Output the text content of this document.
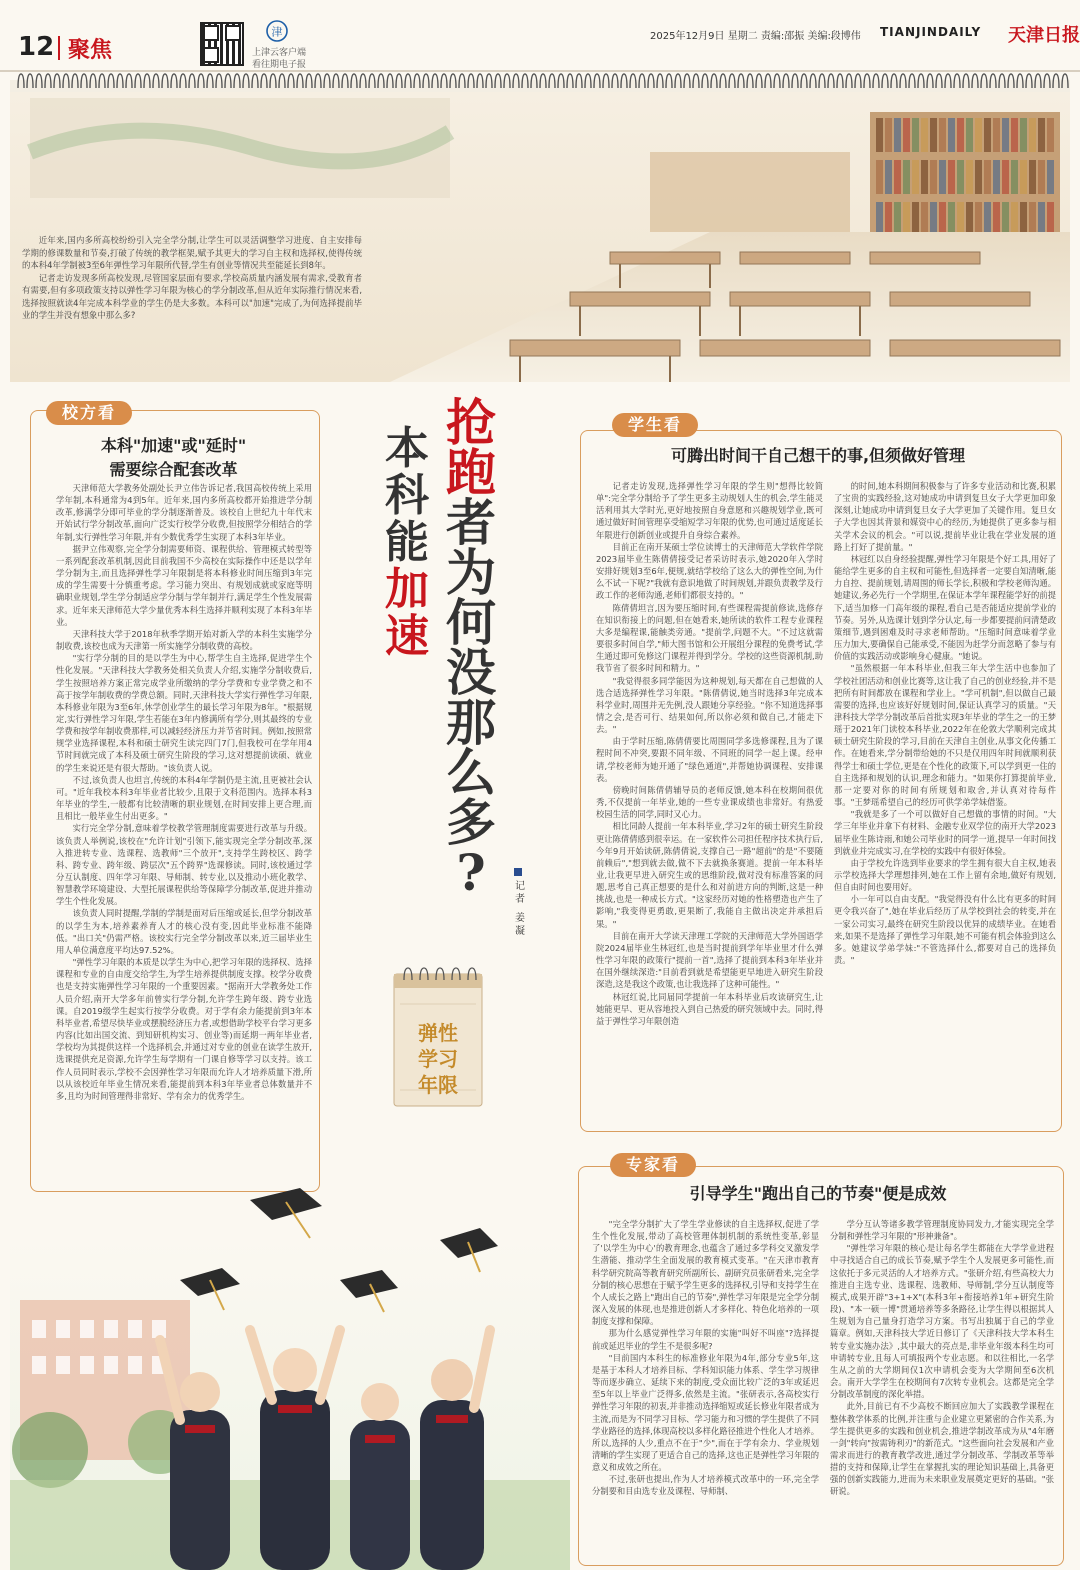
12 聚焦
津
上津云客户端
看往期电子报
2025年12月9日 星期二 责编:邵振 美编:段博伟 TIANJINDAILY 天津日报

近年来,国内多所高校纷纷引入完全学分制,让学生可以灵活调整学习进度、自主安排每学期的修课数量和节奏,打破了传统的教学框架,赋予其更大的学习自主权和选择权,使得传统的本科4年学制被3至6年弹性学习年限所代替,学生有创业等情况共至能延长到8年。

记者走访发现多所高校发现,尽管国家层面有要求,学校高质量内涵发展有需求,受教育者有需要,但有多项政策支持以弹性学习年限为核心的学分制改革,但从近年实际推行情况来看,选择按照就读4年完成本科学业的学生仍是大多数。本科可以"加速"完成了,为何选择提前毕业的学生并没有想象中那么多?

本
科
能
加
速
抢
跑
者
为
何
没
那
么
多
?	记
者
姜
凝
弹性
学习
年限
校方看
本科"加速"或"延时"
需要综合配套改革

天津师范大学教务处副处长尹立伟告诉记者,我国高校传统上采用学年制,本科通常为4到5年。近年来,国内多所高校都开始推进学分制改革,修满学分即可毕业的学分制逐渐普及。该校自上世纪九十年代末开始试行学分制改革,面向广泛实行校学分收费,但按照学分相结合的学年制,实行弹性学习年限,并有少数优秀学生实现了本科3年毕业。

据尹立伟观察,完全学分制需要师资、课程供给、管理模式转型等一系列配套改革机制,因此目前我国不少高校在实际操作中还是以学年学分制为主,而且选择弹性学习年限制是将本科修业时间压缩到3年完成的学生需要十分慎重考虑。学习能力突出、有规划成就或家庭等明确职业规划,学生学分制适应学分制与学年制并行,满足学生个性发展需求。近年来天津师范大学少量优秀本科生选择并顺利实现了本科3年毕业。

天津科技大学于2018年秋季学期开始对新入学的本科生实施学分制收费,该校也成为天津第一所实施学分制收费的高校。

"实行学分制的目的是以学生为中心,帮学生自主选择,促进学生个性化发展。"天津科技大学教务处相关负责人介绍,实施学分制收费后,学生按照培养方案正常完成学业所缴纳的学分学费和专业学费之和不高于按学年制收费的学费总额。同时,天津科技大学实行弹性学习年限,本科修业年限为3至6年,休学创业学生的最长学习年限为8年。"根据规定,实行弹性学习年限,学生若能在3年内修满所有学分,则其最终的专业学费和按学年制收费那样,可以减轻经济压力并节省时间。例如,按照常规学业选择课程,本科和硕士研究生读完四门7门,但我校可在学年用4节时间就完成了本科及硕士研究生阶段的学习,这对想提前读硕、就业的学生来说还是有很大帮助。"该负责人说。

不过,该负责人也坦言,传统的本科4年学制仍是主流,且更被社会认可。"近年我校本科3年毕业者比较少,且限于文科范围内。选择本科3年毕业的学生,一般都有比较清晰的职业规划,在时间安排上更合理,而且相比一般毕业生付出更多。"

实行完全学分制,意味着学校教学管理制度需要进行改革与升级。该负责人举例说,该校在"允许计划"引领下,能实现完全学分制改革,深入推进转专业、选课程、选教师"三个放开",支持学生跨校区、跨学科、跨专业、跨年级、跨层次"五个跨界"选课修读。同时,该校通过学分互认制度、四年学习年限、导师制、转专业,以及推动小班化教学、智慧教学环境建设、大型托展课程供给等保障学分制改革,促进并推动学生个性化发展。

该负责人同时提醒,学制的学制是面对后压缩或延长,但学分制改革的以学生为本,培养素养育人才的核心没有变,因此毕业标准不能降低。"出口关"仍需严格。该校实行完全学分制改革以来,近三届毕业生用人单位满意度平均达97.52%。

"弹性学习年限的本质是以学生为中心,把学习年限的选择权、选择课程和专业的自由度交给学生,为学生培养提供制度支撑。校学分收费也是支持实施弹性学习年限的一个重要因素。"据南开大学教务处工作人员介绍,南开大学多年前曾实行学分制,允许学生跨年级、跨专业选课。自2019级学生起实行按学分收费。对于学有余力能提前到3年本科毕业者,希望尽快毕业或摆脱经济压力者,或想借助学校平台学习更多内容(比如出国交流、到知研机构实习、创业等)而延期一两年毕业者,学校均为其提供这样一个选择机会,并通过对专业的创业在读学生放开,选课提供充足资源,允许学生每学期有一门课自修等学习以支持。该工作人员同时表示,学校不会因弹性学习年限而允许人才培养质量下滑,所以从该校近年毕业生情况来看,能提前到本科3年毕业者总体数量并不多,且均为时间管理得非常好、学有余力的优秀学生。

学生看
可腾出时间干自己想干的事,但须做好管理

记者走访发现,选择弹性学习年限的学生则"想得比较简单":完全学分制给予了学生更多主动规划人生的机会,学生能灵活利用其大学时光,更好地按照自身意愿和兴趣规划学业,既可通过做好时间管理享受缩短学习年限的优势,也可通过适度延长年限进行创新创业或提升自身综合素养。

目前正在南开某硕士学位读博士的天津师范大学软件学院2023届毕业生陈倩倩接受记者采访时表示,她2020年入学时安排好规划3至6年,便规,就结学校给了这么大的弹性空间,为什么不试一下呢?"我就有意识地做了时间规划,并跟负责教学及行政工作的老师沟通,老师们都很支持的。"

陈倩倩坦言,因为要压缩时间,有些课程需提前修读,选修存在知识衔接上的问题,但在她看来,她所读的软件工程专业课程大多是编程课,能触类旁通。"提前学,问题不大。"不过这就需要很多时间自学,"师大图书馆和公开展组分课程的免费考试,学生通过即可免修这门课程并得到学分。学校的这些资源机制,助我节省了很多时间和精力。"

"我觉得很多同学能因为这种规划,每天都在自己想做的人选合适选择弹性学习年限。"陈倩倩说,她当时选择3年完成本科学业时,周围并无先例,没人跟她分享经验。"你不知道选择事情之会,是否可行、结果如何,所以你必须和做自己,才能走下去。"

由于学时压缩,陈倩倩要比周围同学多选修课程,且为了课程时间不冲突,要跟不同年级、不同班的同学一起上课。经申请,学校老师为她开通了"绿色通道",并帮她协调课程、安排课表。

傍晚时间陈倩倩辅导员的老师反馈,她本科在校期间很优秀,不仅提前一年毕业,她的一些专业课成绩也非常好。有热爱校园生活的同学,同时又心力。

相比同龄人提前一年本科毕业,学习2年的硕士研究生阶段更让陈倩倩感到很幸运。在一家软件公司担任程序技术执行后,今年9月开始读研,陈倩倩说,支撑自己一路"超前"的是"不要随前赖后","想到就去做,做不下去就换条赛道。提前一年本科毕业,让我更早进入研究生或的思维阶段,做对没有标准答案的问题,思考自己真正想要的是什么和对前进方向的判断,这是一种挑战,也是一种成长方式。"这家经历对她的性格塑造也产生了影响,"我变得更勇敢,更果断了,我能自主做出决定并承担后果。"

目前在南开大学读天津理工学院的天津师范大学外国语学院2024届毕业生林冠红,也是当时提前到学年毕业里才什么弹性学习年限的政策行"提前一首",选择了提前到本科3年毕业并在国外继续深造:"目前看到就是希望能更早地进入研究生阶段深造,这是我这个政策,也让我选择了这种可能性。"

林冠红说,比同届同学提前一年本科毕业后攻读研究生,让她能更早、更从容地投入到自己热爱的研究领域中去。同时,得益于弹性学习年限创造

的时间,她本科期间积极参与了许多专业活动和比赛,积累了宝贵的实践经验,这对她成功申请到复旦女子大学更加印象深刻,让她成功申请到复旦女子大学更加了关键作用。复旦女子大学也因其背景和媒资中心的经历,为她提供了更多参与相关学术会议的机会。"可以说,提前毕业让我在学业发展的道路上打好了提前量。"

林冠红以自身经验提醒,弹性学习年限是个好工具,用好了能给学生更多的自主权和可能性,但选择者一定要自知清晰,能力自控、提前规划,请周围的师长学长,积极和学校老师沟通。她建议,务必先行一个学期里,在保证本学年课程能学好的前提下,适当加修一门高年级的课程,看自己是否能适应提前学业的节奏。另外,从选课计划到学分认定,每一步都要提前问清楚政策细节,遇到困难及时寻求老师帮助。"压缩时间意味着学业压力加大,要确保自己能承受,不能因为赶学分而忽略了参与有价值的实践活动或影响身心健康。"她说。

"虽然根据一年本科毕业,但我三年大学生活中也参加了学校社团活动和创业比赛等,这让我了自己的创业经验,并不是把所有时间都放在课程和学业上。"学可机制",但以做自己最需要的选择,也应该好好规划时间,保证认真学习的质量。"天津科技大学学分制改革后首批实现3年毕业的学生之一的王梦瑶于2021年门读校本科毕业,2022年在伦敦大学顺利完成其硕士研究生阶段的学习,目前在天津自主创业,从事文化传播工作。在她看来,学分制带给她的不只是仅用四年时间就顺利获得学士和硕士学位,更是在个性化的政策下,可以学到更一住的自主选择和规划的认识,理念和能力。"如果你打算提前毕业,那一定要对你的时间有所规划和取舍,并认真对待每件事。"王梦瑶希望自己的经历可供学弟学妹借鉴。

"我就是多了一个可以做好自己想做的事情的时间。"大学三年毕业并拿下有材料、金融专业双学位的南开大学2023届毕业生陈诗雨,和她公司毕业时的同学一道,提早一年时间找到就业并完成实习,在学校的实践中有很好体验。

由于学校允许选到毕业要求的学生拥有很大自主权,她表示学校选择大学理想排列,她在工作上留有余地,做好有规划,但自由时间也要用好。

小一年可以自由支配。"我觉得没有什么比有更多的时间更令我兴奋了",她在毕业后经历了从学校到社会的转变,并在一家公司实习,最终在研究生阶段以优异的成绩毕业。在她看来,如果不是选择了弹性学习年限,她不可能有机会体验到这么多。她建议学弟学妹:"不管选择什么,都要对自己的选择负责。"

专家看
引导学生"跑出自己的节奏"便是成效

"完全学分制扩大了学生学业修读的自主选择权,促进了学生个性化发展,带动了高校管理体制机制的系统性变革,彰显了'以学生为中心'的教育理念,也蕴含了通过多学科交叉激发学生潜能、推动学生全面发展的教育模式变革。"在天津市教育科学研究院高等教育研究所副所长、副研究员张研看来,完全学分制的核心思想在于赋予学生更多的选择权,引导和支持学生在个人成长之路上"跑出自己的节奏",弹性学习年限是完全学分制深入发展的体现,也是推进创新人才多样化、特色化培养的一项制度支撑和保障。

那为什么感觉弹性学习年限的实施"叫好不叫座"?选择提前或延迟毕业的学生不是很多呢?

"目前国内本科生的标准修业年限为4年,部分专业5年,这是基于本科人才培养目标、学科知识能力体系、学生学习规律等而逐步确立、延续下来的制度,受众面比较广泛的3年或延迟至5年以上毕业广泛得多,依然是主流。"张研表示,各高校实行弹性学习年限的初衷,并非推动选择缩短或延长修业年限者成为主流,而是为不同学习目标、学习能力和习惯的学生提供了不同学业路径的选择,体现高校以多样化路径推进个性化人才培养。所以,选择的人少,重点不在于"少",而在于学有余力、学业规划清晰的学生实现了更适合自己的选择,这也正是弹性学习年限的意义和成效之所在。

不过,张研也提出,作为人才培养模式改革中的一环,完全学分制要和目由选专业及课程、导师制、

学分互认等诸多教学管理制度协同发力,才能实现完全学分制和弹性学习年限的"形神兼备"。

"弹性学习年限的核心是让每名学生都能在大学学业进程中寻找适合自己的成长节奏,赋予学生个人发展更多可能性,而这依托于多元灵活的人才培养方式。"张研介绍,有些高校大力推进自主选专业、选课程、选教师、导师制,学分互认制度等模式,成果开辟"3+1+X"(本科3年+衔接培养1年+研究生阶段)、"本一硕一博"贯通培养等多条路径,让学生得以根据其人生规划为自己量身打造学习方案。书写出独属于自己的学业篇章。例如,天津科技大学近日修订了《天津科技大学本科生转专业实施办法》,其中最大的亮点是,非毕业年级本科生均可申请转专业,且每人可填报两个专业志愿。和以往相比,一名学生从之前的大学期间仅1次申请机会变为大学期间至6次机会。南开大学学生在校期间有7次转专业机会。这都是完全学分制改革制度的深化举措。

此外,目前已有不少高校不断回应加大了实践教学课程在整体教学体系的比例,并注重与企业建立更紧密的合作关系,为学生提供更多的实践和创业机会,推进学制改革成为从"4年磨一剑"转向"按需铸利刃"的新范式。"这些面向社会发展和产业需求而进行的教育教学改进,通过学分制改革、学制改革等举措的支持和保障,让学生在掌握扎实的理论知识基础上,具备更强的创新实践能力,进而为未来职业发展奠定更好的基础。"张研说。
